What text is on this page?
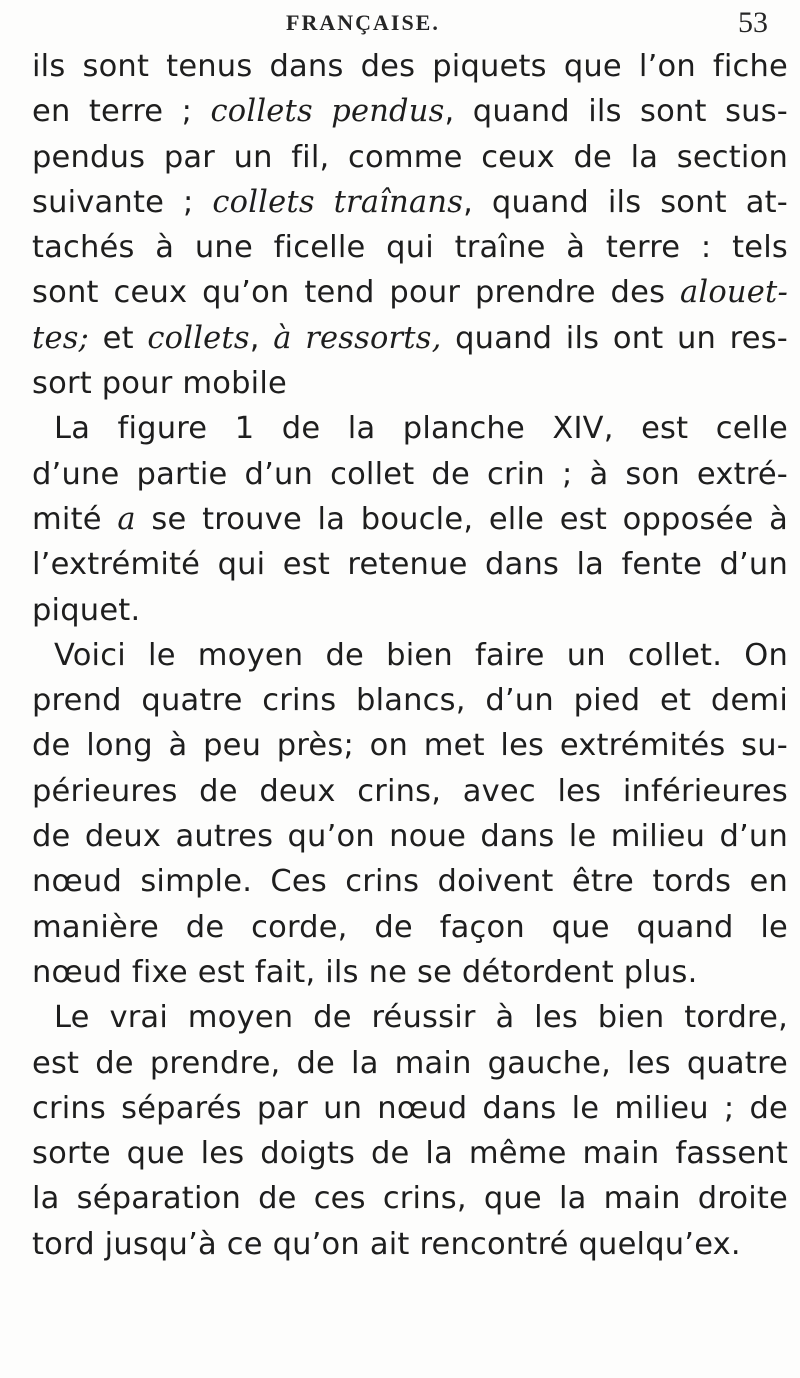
FRANÇAISE.	53
ils sont tenus dans des piquets que l’on fiche
en terre ; collets pendus, quand ils sont sus-
pendus par un fil, comme ceux de la section
suivante ; collets traînans, quand ils sont at-
tachés à une ficelle qui traîne à terre : tels
sont ceux qu’on tend pour prendre des alouet-
tes; et collets, à ressorts, quand ils ont un res-
sort pour mobile
La figure 1 de la planche XIV, est celle
d’une partie d’un collet de crin ; à son extré-
mité a se trouve la boucle, elle est opposée à
l’extrémité qui est retenue dans la fente d’un
piquet.
Voici le moyen de bien faire un collet. On
prend quatre crins blancs, d’un pied et demi
de long à peu près; on met les extrémités su-
périeures de deux crins, avec les inférieures
de deux autres qu’on noue dans le milieu d’un
nœud simple. Ces crins doivent être tords en
manière de corde, de façon que quand le
nœud fixe est fait, ils ne se détordent plus.
Le vrai moyen de réussir à les bien tordre,
est de prendre, de la main gauche, les quatre
crins séparés par un nœud dans le milieu ; de
sorte que les doigts de la même main fassent
la séparation de ces crins, que la main droite
tord jusqu’à ce qu’on ait rencontré quelqu’ex.
